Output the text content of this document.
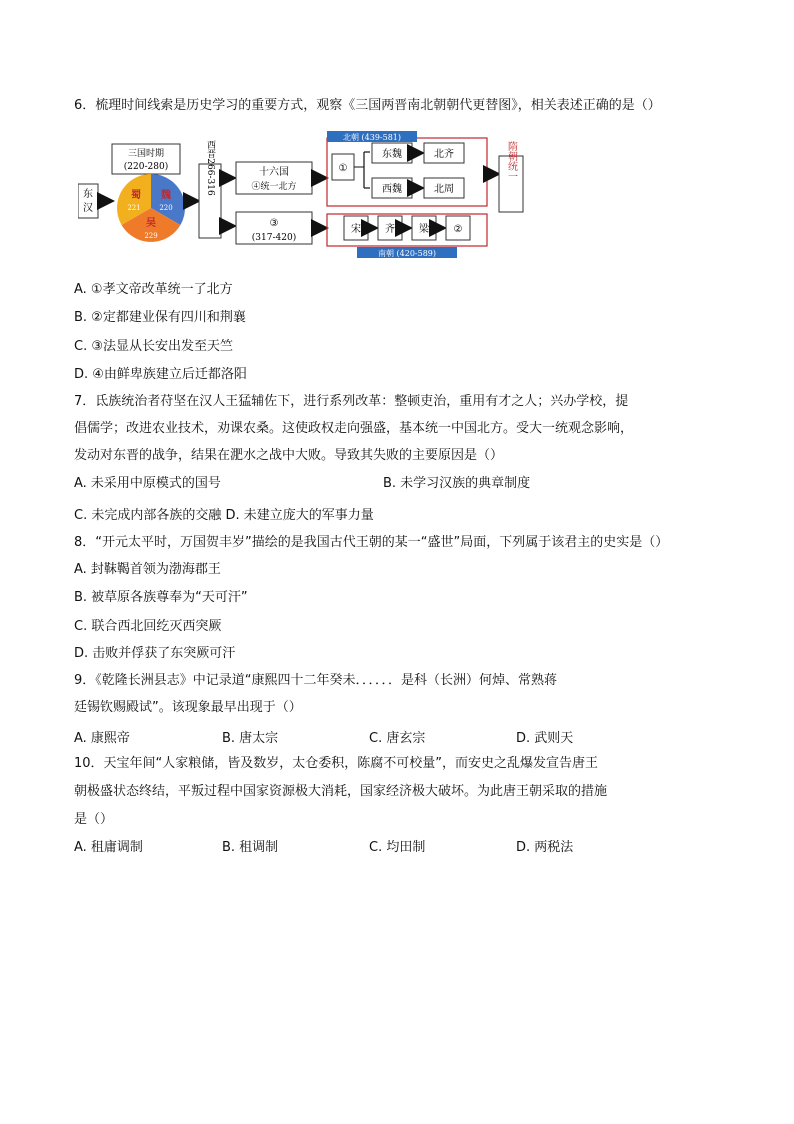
6．梳理时间线索是历史学习的重要方式，观察《三国两晋南北朝朝代更替图》，相关表述正确的是（）
东
汉
三国时期
(220-280)
蜀
221
魏
220
吴
229
西晋266-316	十六国
④统一北方
③
(317-420)
北朝 (439-581)
①
东魏	北齐
西魏	北周
宋 齐 梁 ②
南朝 (420-589)
隋朝统一
A. ①孝文帝改革统一了北方
B. ②定都建业保有四川和荆襄
C. ③法显从长安出发至天竺
D. ④由鲜卑族建立后迁都洛阳
7．氐族统治者苻坚在汉人王猛辅佐下，进行系列改革：整顿吏治，重用有才之人；兴办学校，提
倡儒学；改进农业技术，劝课农桑。这使政权走向强盛，基本统一中国北方。受大一统观念影响，
发动对东晋的战争，结果在淝水之战中大败。导致其失败的主要原因是（）
A. 未采用中原模式的国号	B. 未学习汉族的典章制度
C. 未完成内部各族的交融 D. 未建立庞大的军事力量
8．“开元太平时，万国贺丰岁”描绘的是我国古代王朝的某一“盛世”局面，下列属于该君主的史实是（）
A. 封靺鞨首领为渤海郡王
B. 被草原各族尊奉为“天可汗”
C. 联合西北回纥灭西突厥
D. 击败并俘获了东突厥可汗
9．《乾隆长洲县志》中记录道“康熙四十二年癸未．．．．．．是科（长洲）何焯、常熟蒋
廷锡钦赐殿试”。该现象最早出现于（）
A. 康熙帝	B. 唐太宗	C. 唐玄宗	D. 武则天
10．天宝年间“人家粮储，皆及数岁，太仓委积，陈腐不可校量”，而安史之乱爆发宣告唐王
朝极盛状态终结，平叛过程中国家资源极大消耗，国家经济极大破坏。为此唐王朝采取的措施
是（）
A. 租庸调制	B. 租调制	C. 均田制	D. 两税法
